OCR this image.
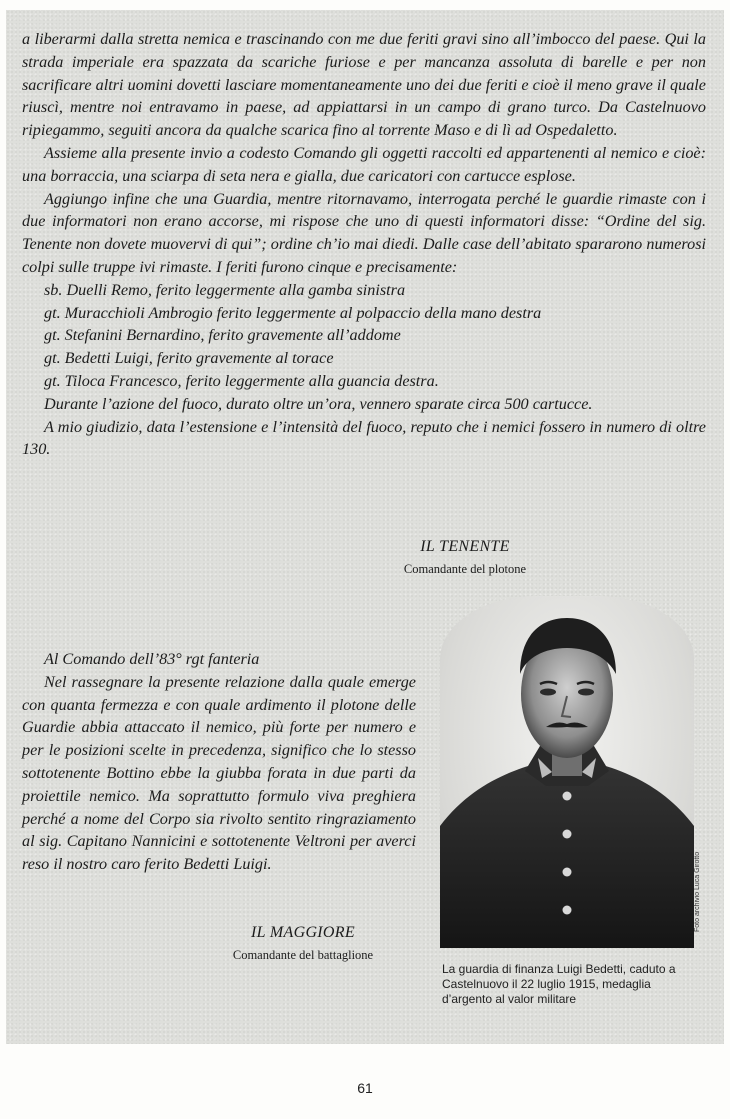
a liberarmi dalla stretta nemica e trascinando con me due feriti gravi sino all’imbocco del paese. Qui la strada imperiale era spazzata da scariche furiose e per mancanza assoluta di barelle e per non sacrificare altri uomini dovetti lasciare momentaneamente uno dei due feriti e cioè il meno grave il quale riuscì, mentre noi entravamo in paese, ad appiattarsi in un campo di grano turco. Da Castelnuovo ripiegammo, seguiti ancora da qualche scarica fino al torrente Maso e di lì ad Ospedaletto.

Assieme alla presente invio a codesto Comando gli oggetti raccolti ed appartenenti al nemico e cioè: una borraccia, una sciarpa di seta nera e gialla, due caricatori con cartucce esplose.

Aggiungo infine che una Guardia, mentre ritornavamo, interrogata perché le guardie rimaste con i due informatori non erano accorse, mi rispose che uno di questi informatori disse: “Ordine del sig. Tenente non dovete muovervi di qui”; ordine ch’io mai diedi. Dalle case dell’abitato spararono numerosi colpi sulle truppe ivi rimaste. I feriti furono cinque e precisamente:

sb. Duelli Remo, ferito leggermente alla gamba sinistra

gt. Muracchioli Ambrogio ferito leggermente al polpaccio della mano destra

gt. Stefanini Bernardino, ferito gravemente all’addome

gt. Bedetti Luigi, ferito gravemente al torace

gt. Tiloca Francesco, ferito leggermente alla guancia destra.

Durante l’azione del fuoco, durato oltre un’ora, vennero sparate circa 500 cartucce.

A mio giudizio, data l’estensione e l’intensità del fuoco, reputo che i nemici fossero in numero di oltre 130.

IL TENENTE
Comandante del plotone

Al Comando dell’83° rgt fanteria

Nel rassegnare la presente relazione dalla quale emerge con quanta fermezza e con quale ardimento il plotone delle Guardie abbia attaccato il nemico, più forte per numero e per le posizioni scelte in precedenza, significo che lo stesso sottotenente Bottino ebbe la giubba forata in due parti da proiettile nemico. Ma soprattutto formulo viva preghiera perché a nome del Corpo sia rivolto sentito ringraziamento al sig. Capitano Nannicini e sottotenente Veltroni per averci reso il nostro caro ferito Bedetti Luigi.

IL MAGGIORE
Comandante del battaglione
Foto archivio Luca Girotto
La guardia di finanza Luigi Bedetti, caduto a Castelnuovo il 22 luglio 1915, medaglia d’argento al valor militare
61
